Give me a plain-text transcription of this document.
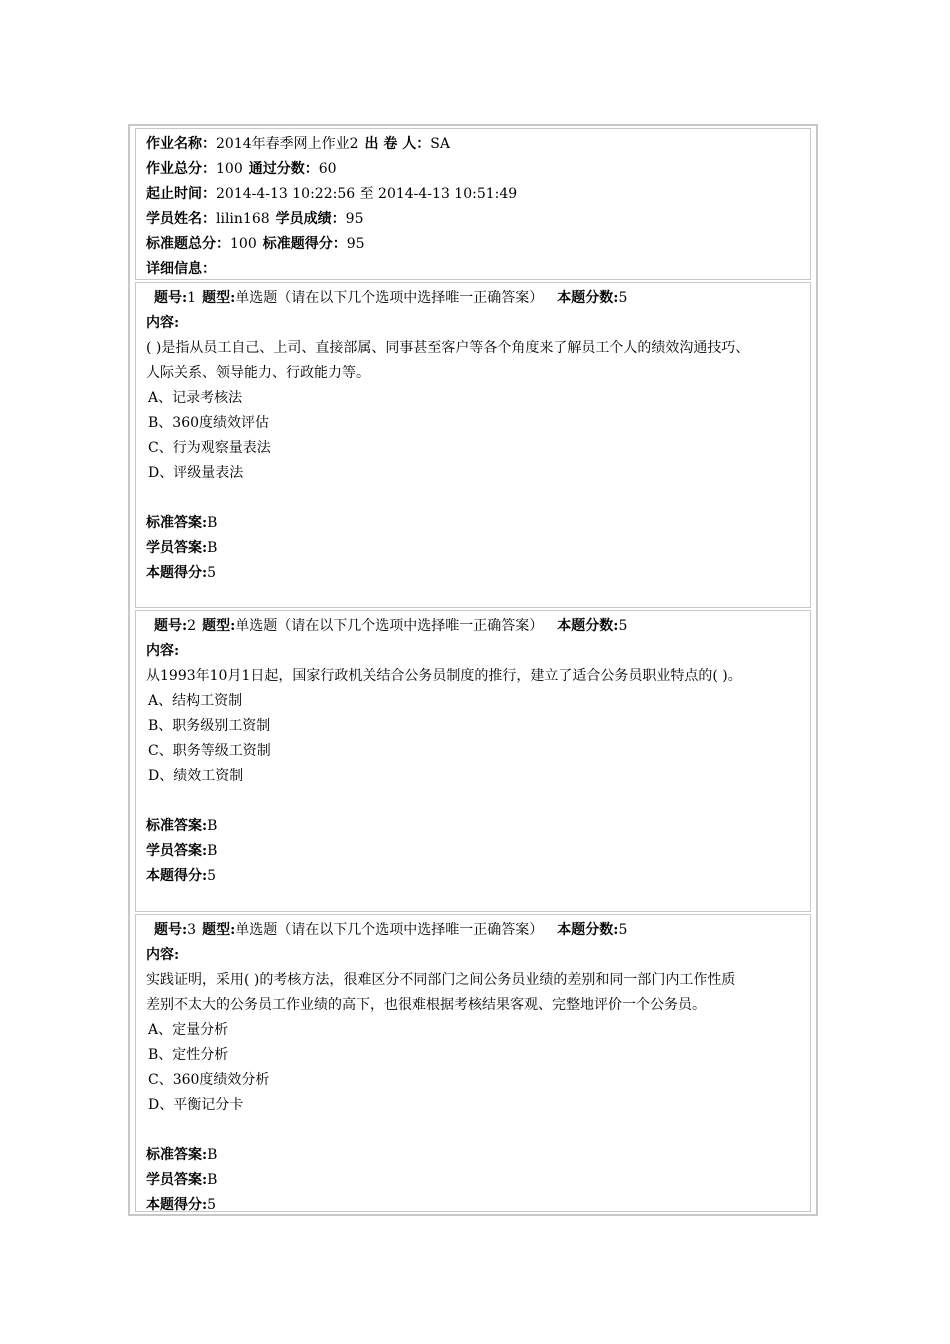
作业名称：2014年春季网上作业2 出 卷 人：SA
作业总分：100 通过分数：60
起止时间：2014-4-13 10:22:56 至 2014-4-13 10:51:49
学员姓名：lilin168 学员成绩：95
标准题总分：100 标准题得分：95
详细信息：
题号:1 题型:单选题（请在以下几个选项中选择唯一正确答案） 本题分数:5
内容:
( )是指从员工自己、上司、直接部属、同事甚至客户等各个角度来了解员工个人的绩效沟通技巧、
人际关系、领导能力、行政能力等。
A、记录考核法
B、360度绩效评估
C、行为观察量表法
D、评级量表法
标准答案:B
学员答案:B
本题得分:5
题号:2 题型:单选题（请在以下几个选项中选择唯一正确答案） 本题分数:5
内容:
从1993年10月1日起，国家行政机关结合公务员制度的推行，建立了适合公务员职业特点的( )。
A、结构工资制
B、职务级别工资制
C、职务等级工资制
D、绩效工资制
标准答案:B
学员答案:B
本题得分:5
题号:3 题型:单选题（请在以下几个选项中选择唯一正确答案） 本题分数:5
内容:
实践证明，采用( )的考核方法，很难区分不同部门之间公务员业绩的差别和同一部门内工作性质
差别不太大的公务员工作业绩的高下，也很难根据考核结果客观、完整地评价一个公务员。
A、定量分析
B、定性分析
C、360度绩效分析
D、平衡记分卡
标准答案:B
学员答案:B
本题得分:5
